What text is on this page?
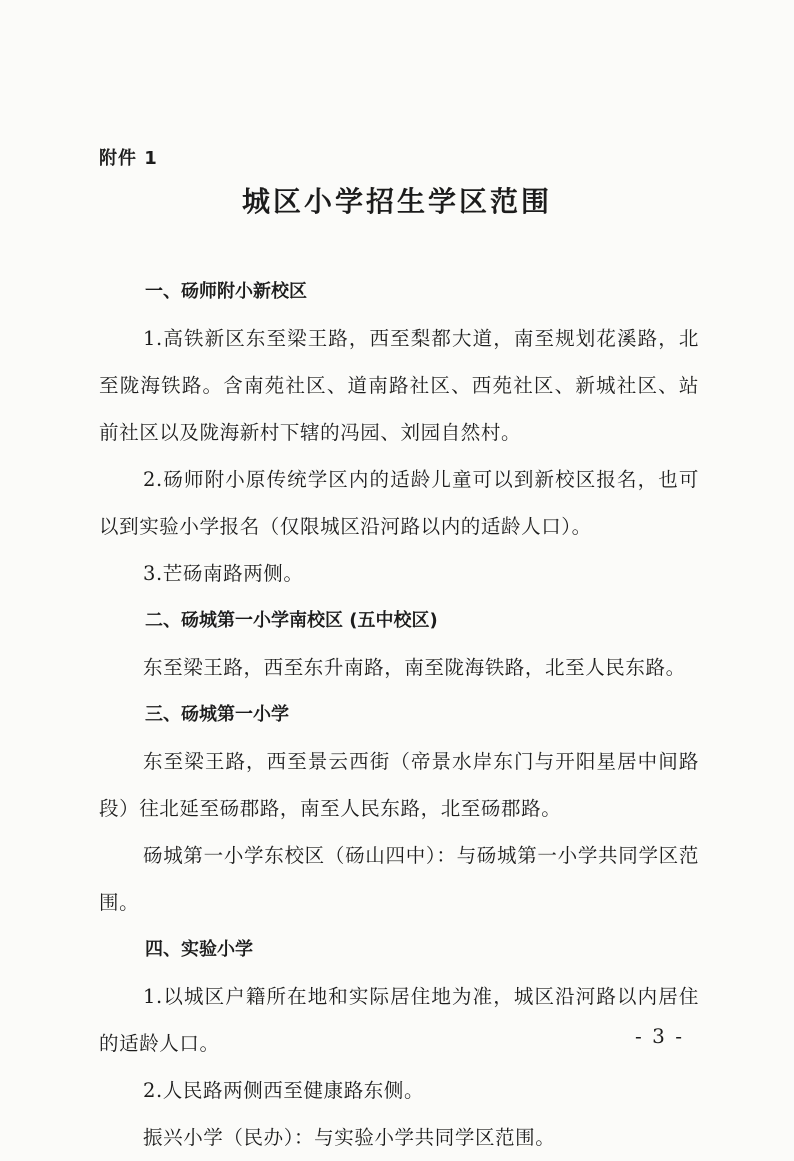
附件 1
城区小学招生学区范围
一、砀师附小新校区
1.高铁新区东至梁王路，西至梨都大道，南至规划花溪路，北至陇海铁路。含南苑社区、道南路社区、西苑社区、新城社区、站前社区以及陇海新村下辖的冯园、刘园自然村。
2.砀师附小原传统学区内的适龄儿童可以到新校区报名，也可以到实验小学报名（仅限城区沿河路以内的适龄人口）。
3.芒砀南路两侧。
二、砀城第一小学南校区 (五中校区)
东至梁王路，西至东升南路，南至陇海铁路，北至人民东路。
三、砀城第一小学
东至梁王路，西至景云西街（帝景水岸东门与开阳星居中间路段）往北延至砀郡路，南至人民东路，北至砀郡路。
砀城第一小学东校区（砀山四中）：与砀城第一小学共同学区范围。
四、实验小学
1.以城区户籍所在地和实际居住地为准，城区沿河路以内居住的适龄人口。
2.人民路两侧西至健康路东侧。
振兴小学（民办）：与实验小学共同学区范围。
- 3 -
